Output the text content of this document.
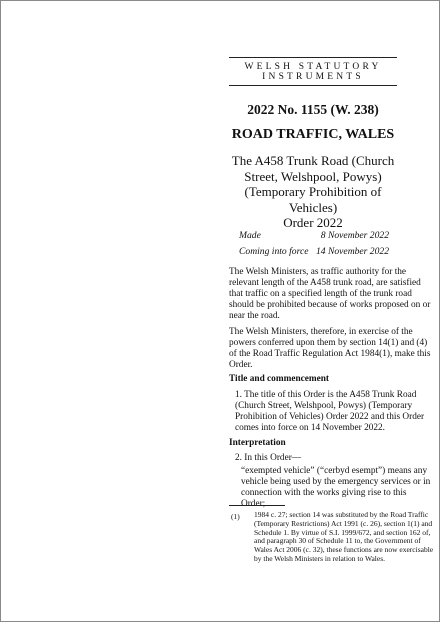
WELSH STATUTORY
INSTRUMENTS
2022 No. 1155 (W. 238)
ROAD TRAFFIC, WALES
The A458 Trunk Road (Church
Street, Welshpool, Powys)
(Temporary Prohibition of Vehicles)
Order 2022
Made	8 November 2022
Coming into force 14 November 2022
The Welsh Ministers, as traffic authority for the
relevant length of the A458 trunk road, are satisfied
that traffic on a specified length of the trunk road
should be prohibited because of works proposed on or
near the road.
The Welsh Ministers, therefore, in exercise of the
powers conferred upon them by section 14(1) and (4)
of the Road Traffic Regulation Act 1984(1), make this
Order.
Title and commencement
1. The title of this Order is the A458 Trunk Road
(Church Street, Welshpool, Powys) (Temporary
Prohibition of Vehicles) Order 2022 and this Order
comes into force on 14 November 2022.
Interpretation
2. In this Order—
“exempted vehicle” (“cerbyd esempt”) means any
vehicle being used by the emergency services or in
connection with the works giving rise to this
Order;
(1) 1984 c. 27; section 14 was substituted by the Road Traffic
(Temporary Restrictions) Act 1991 (c. 26), section 1(1) and
Schedule 1. By virtue of S.I. 1999/672, and section 162 of,
and paragraph 30 of Schedule 11 to, the Government of
Wales Act 2006 (c. 32), these functions are now exercisable
by the Welsh Ministers in relation to Wales.
